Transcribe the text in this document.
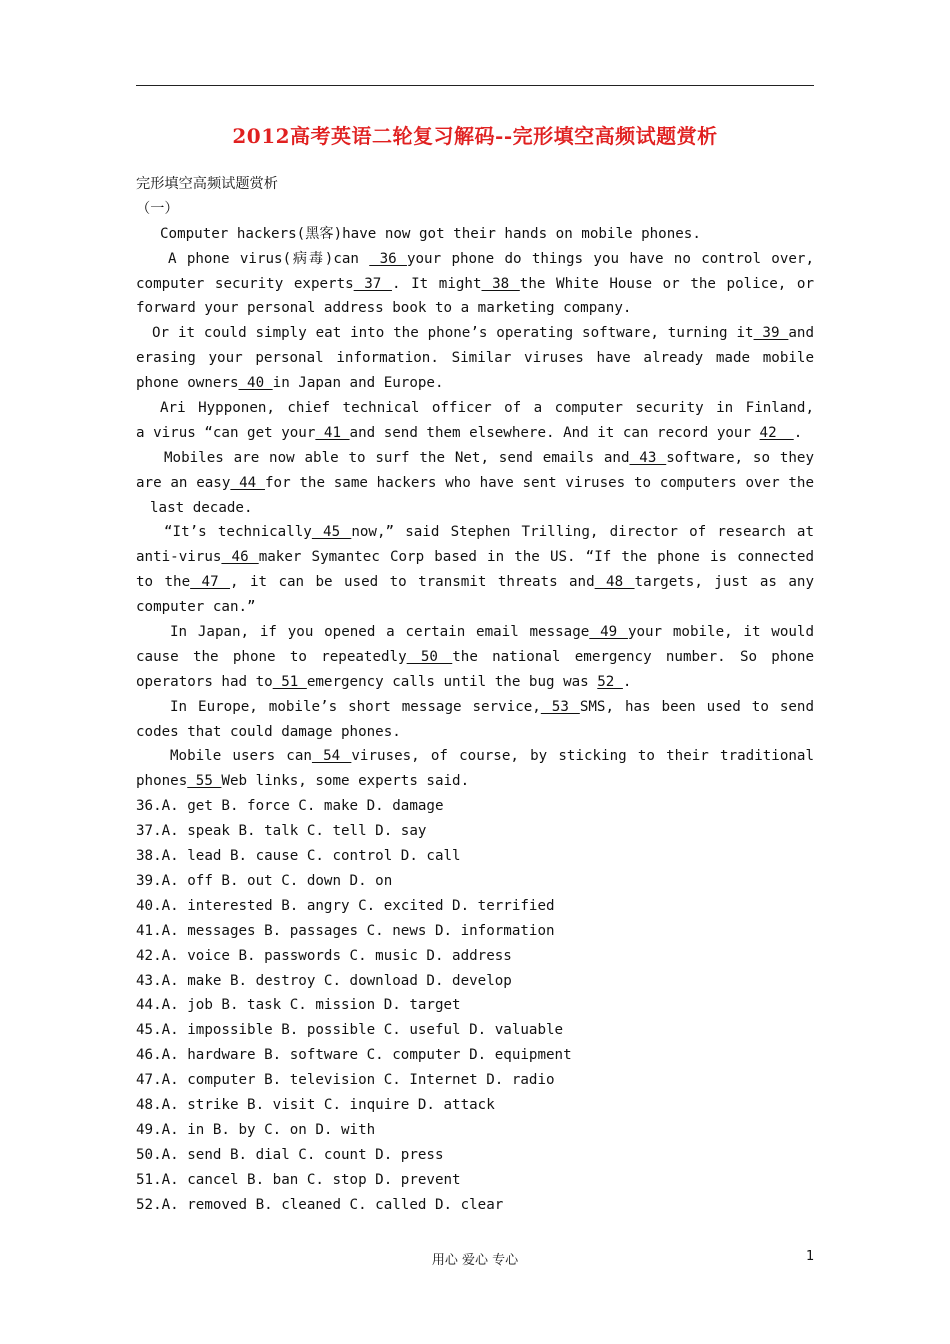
2012高考英语二轮复习解码--完形填空高频试题赏析
完形填空高频试题赏析
（一）
Computer hackers(黑客)have now got their hands on mobile phones.
A phone virus(病毒)can  36 your phone do things you have no control over,
computer security experts 37 . It might 38 the White House or the police, or
forward your personal address book to a marketing company.
Or it could simply eat into the phone’s operating software, turning it 39 and
erasing your personal information. Similar viruses have already made mobile
phone owners 40 in Japan and Europe.
Ari Hypponen, chief technical officer of a computer security in Finland,
a virus “can get your 41 and send them elsewhere. And it can record your 42  .
Mobiles are now able to surf the Net, send emails and 43 software, so they
are an easy 44 for the same hackers who have sent viruses to computers over the
last decade.
“It’s technically 45 now,” said Stephen Trilling, director of research at
anti-virus 46 maker Symantec Corp based in the US. “If the phone is connected
to the 47 , it can be used to transmit threats and 48 targets, just as any
computer can.”
In Japan, if you opened a certain email message 49 your mobile, it would
cause the phone to repeatedly 50 the national emergency number. So phone
operators had to 51 emergency calls until the bug was 52 .
In Europe, mobile’s short message service, 53 SMS, has been used to send
codes that could damage phones.
Mobile users can 54 viruses, of course, by sticking to their traditional
phones 55 Web links, some experts said.
36.A. get B. force C. make D. damage
37.A. speak B. talk C. tell D. say
38.A. lead B. cause C. control D. call
39.A. off B. out C. down D. on
40.A. interested B. angry C. excited D. terrified
41.A. messages B. passages C. news D. information
42.A. voice B. passwords C. music D. address
43.A. make B. destroy C. download D. develop
44.A. job B. task C. mission D. target
45.A. impossible B. possible C. useful D. valuable
46.A. hardware B. software C. computer D. equipment
47.A. computer B. television C. Internet D. radio
48.A. strike B. visit C. inquire D. attack
49.A. in B. by C. on D. with
50.A. send B. dial C. count D. press
51.A. cancel B. ban C. stop D. prevent
52.A. removed B. cleaned C. called D. clear
用心 爱心 专心	1
